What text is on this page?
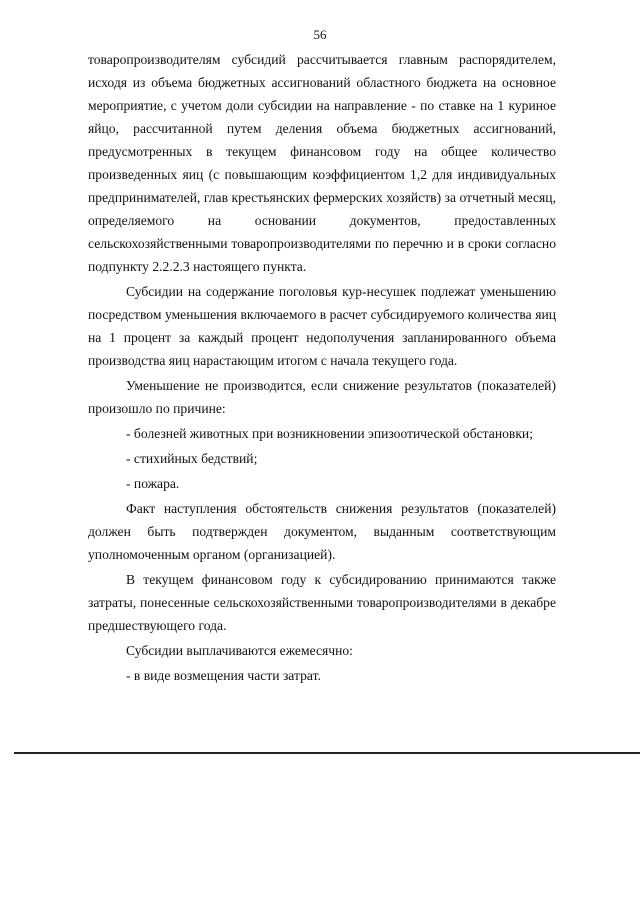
56

товаропроизводителям субсидий рассчитывается главным распорядителем, исходя из объема бюджетных ассигнований областного бюджета на основное мероприятие, с учетом доли субсидии на направление - по ставке на 1 куриное яйцо, рассчитанной путем деления объема бюджетных ассигнований, предусмотренных в текущем финансовом году на общее количество произведенных яиц (с повышающим коэффициентом 1,2 для индивидуальных предпринимателей, глав крестьянских фермерских хозяйств) за отчетный месяц, определяемого на основании документов, предоставленных сельскохозяйственными товаропроизводителями по перечню и в сроки согласно подпункту 2.2.2.3 настоящего пункта.

Субсидии на содержание поголовья кур-несушек подлежат уменьшению посредством уменьшения включаемого в расчет субсидируемого количества яиц на 1 процент за каждый процент недополучения запланированного объема производства яиц нарастающим итогом с начала текущего года.

Уменьшение не производится, если снижение результатов (показателей) произошло по причине:

- болезней животных при возникновении эпизоотической обстановки;

- стихийных бедствий;

- пожара.

Факт наступления обстоятельств снижения результатов (показателей) должен быть подтвержден документом, выданным соответствующим уполномоченным органом (организацией).

В текущем финансовом году к субсидированию принимаются также затраты, понесенные сельскохозяйственными товаропроизводителями в декабре предшествующего года.

Субсидии выплачиваются ежемесячно:

- в виде возмещения части затрат.
